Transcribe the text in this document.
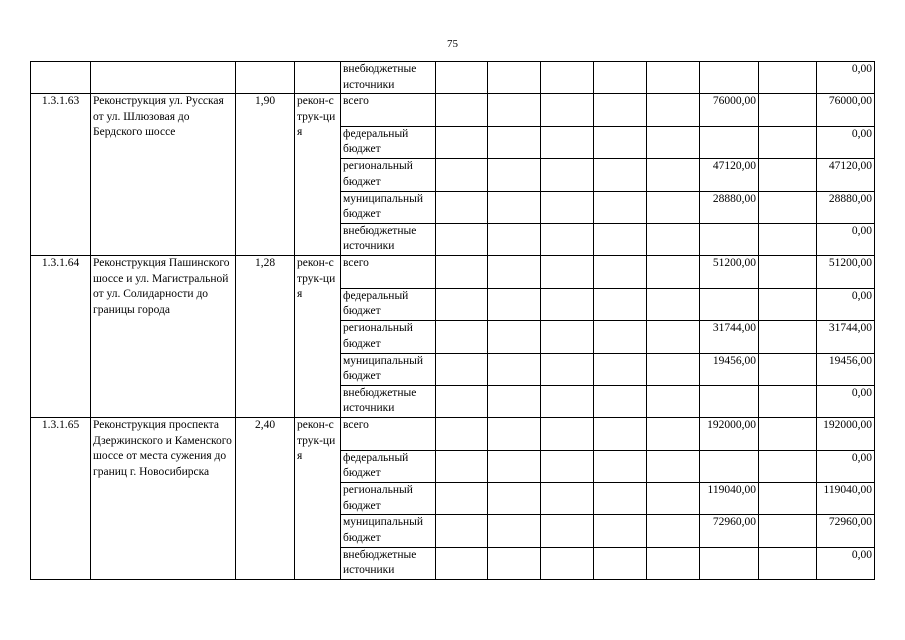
75
				внебюджетные источники								0,00
1.3.1.63	Реконструкция ул. Русская от ул. Шлюзовая до Бердского шоссе	1,90	рекон-струк-ция	всего						76000,00		76000,00
				федеральный бюджет								0,00
				региональный бюджет						47120,00		47120,00
				муниципальный бюджет						28880,00		28880,00
				внебюджетные источники								0,00
1.3.1.64	Реконструкция Пашинского шоссе и ул. Магистральной от ул. Солидарности до границы города	1,28	рекон-струк-ция	всего						51200,00		51200,00
				федеральный бюджет								0,00
				региональный бюджет						31744,00		31744,00
				муниципальный бюджет						19456,00		19456,00
				внебюджетные источники								0,00
1.3.1.65	Реконструкция проспекта Дзержинского и Каменского шоссе от места сужения до границ г. Новосибирска	2,40	рекон-струк-ция	всего						192000,00		192000,00
				федеральный бюджет								0,00
				региональный бюджет						119040,00		119040,00
				муниципальный бюджет						72960,00		72960,00
				внебюджетные источники								0,00
